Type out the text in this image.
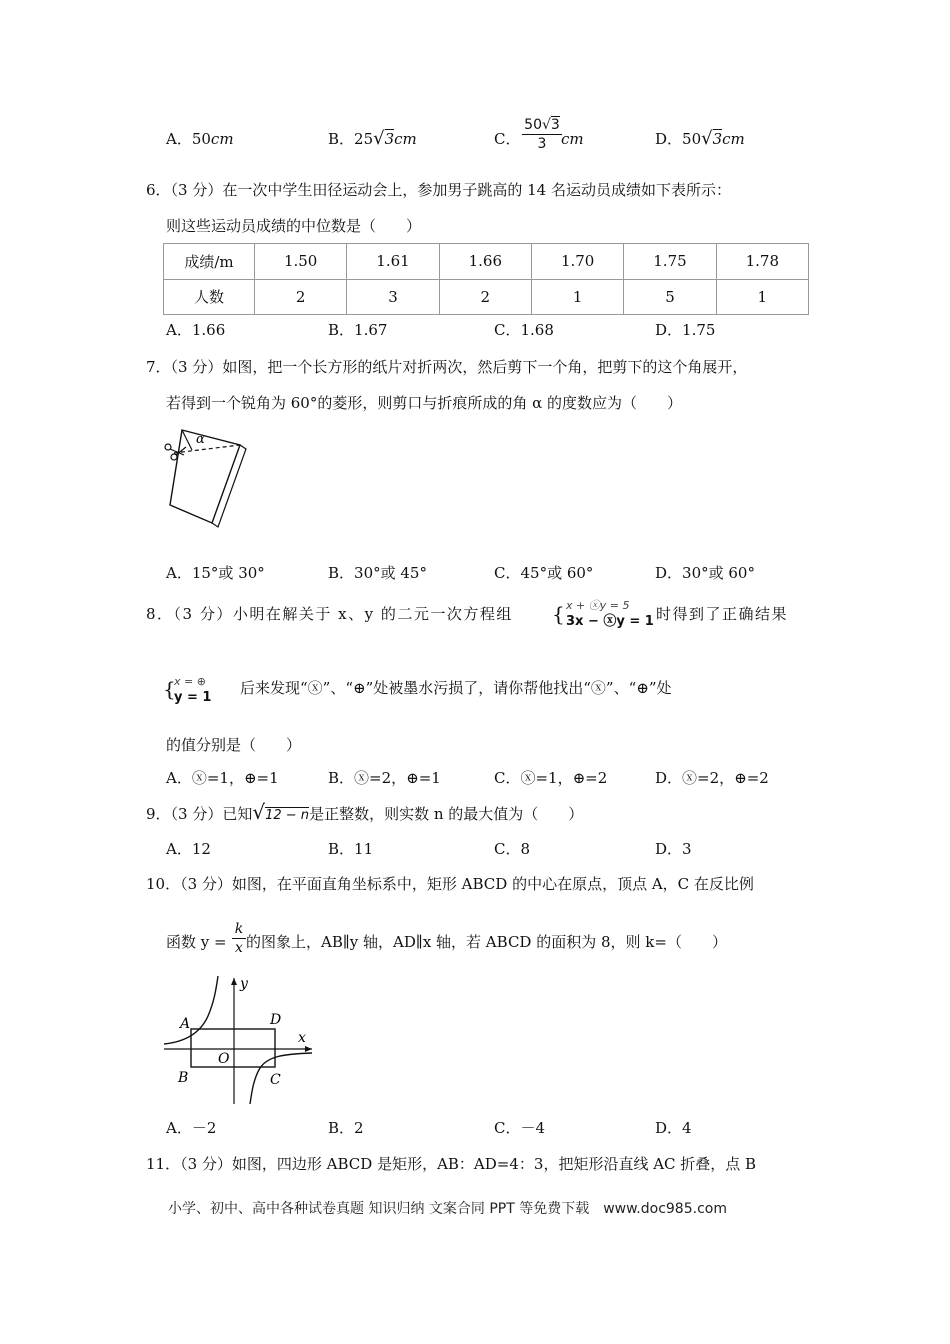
A．50cm	B．25√3cm	C．
50√3
3 cm	D．50√3cm
6．（3 分）在一次中学生田径运动会上，参加男子跳高的 14 名运动员成绩如下表所示：
则这些运动员成绩的中位数是（　　）
成绩/m	1.50	1.61	1.66	1.70	1.75	1.78
人数	2	3	2	1	5	1
A．1.66	B．1.67	C．1.68	D．1.75
7．（3 分）如图，把一个长方形的纸片对折两次，然后剪下一个角，把剪下的这个角展开，
若得到一个锐角为 60°的菱形，则剪口与折痕所成的角 α 的度数应为（　　）
α
A．15°或 30°	B．30°或 45°	C．45°或 60°	D．30°或 60°
8．（3 分）小明在解关于 x、y 的二元一次方程组 { x + ⓧy = 5
3x − ⓧy = 1 时得到了正确结果
{
x = ⊕
y = 1
后来发现“ⓧ”、“⊕”处被墨水污损了，请你帮他找出“ⓧ”、“⊕”处
的值分别是（　　）
A．ⓧ=1，⊕=1	B．ⓧ=2，⊕=1	C．ⓧ=1，⊕=2	D．ⓧ=2，⊕=2
9．（3 分）已知√12 − n是正整数，则实数 n 的最大值为（　　）
A．12	B．11	C．8	D．3
10．（3 分）如图，在平面直角坐标系中，矩形 ABCD 的中心在原点，顶点 A，C 在反比例
函数 $y = \frac{k}{x}$ 的图象上，AB∥y 轴，AD∥x 轴，若 ABCD 的面积为 8，则 k=（　　）
y
x
A
B	C
D
O
A．－2	B．2	C．－4	D．4
11．（3 分）如图，四边形 ABCD 是矩形，AB：AD=4：3，把矩形沿直线 AC 折叠，点 B
小学、初中、高中各种试卷真题 知识归纳 文案合同 PPT 等免费下载　www.doc985.com
